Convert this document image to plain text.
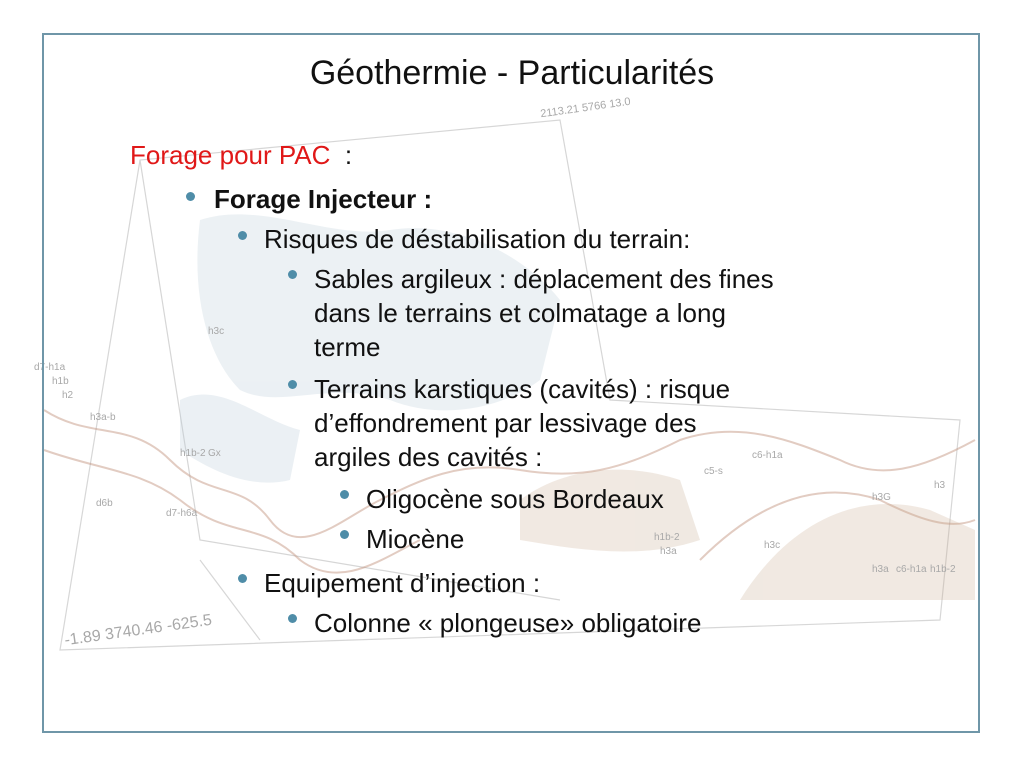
2113.21 5766 13.0
-1.89 3740.46 -625.5
h3c
d7-h1a
h1b
h2
h3a-b
h1b-2 Gx
d6b
d7-h6a
c5-s
c6-h1a
h3G
h3
h1b-2
h3a
h3c
h3a c6-h1a h1b-2
Géothermie - Particularités
Forage pour PAC :
Forage Injecteur :
Risques de déstabilisation du terrain:
Sables argileux : déplacement des fines
dans le terrains et colmatage a long
terme
Terrains karstiques (cavités) : risque
d’effondrement par lessivage des
argiles des cavités :
Oligocène sous Bordeaux
Miocène
Equipement d’injection :
Colonne « plongeuse» obligatoire
